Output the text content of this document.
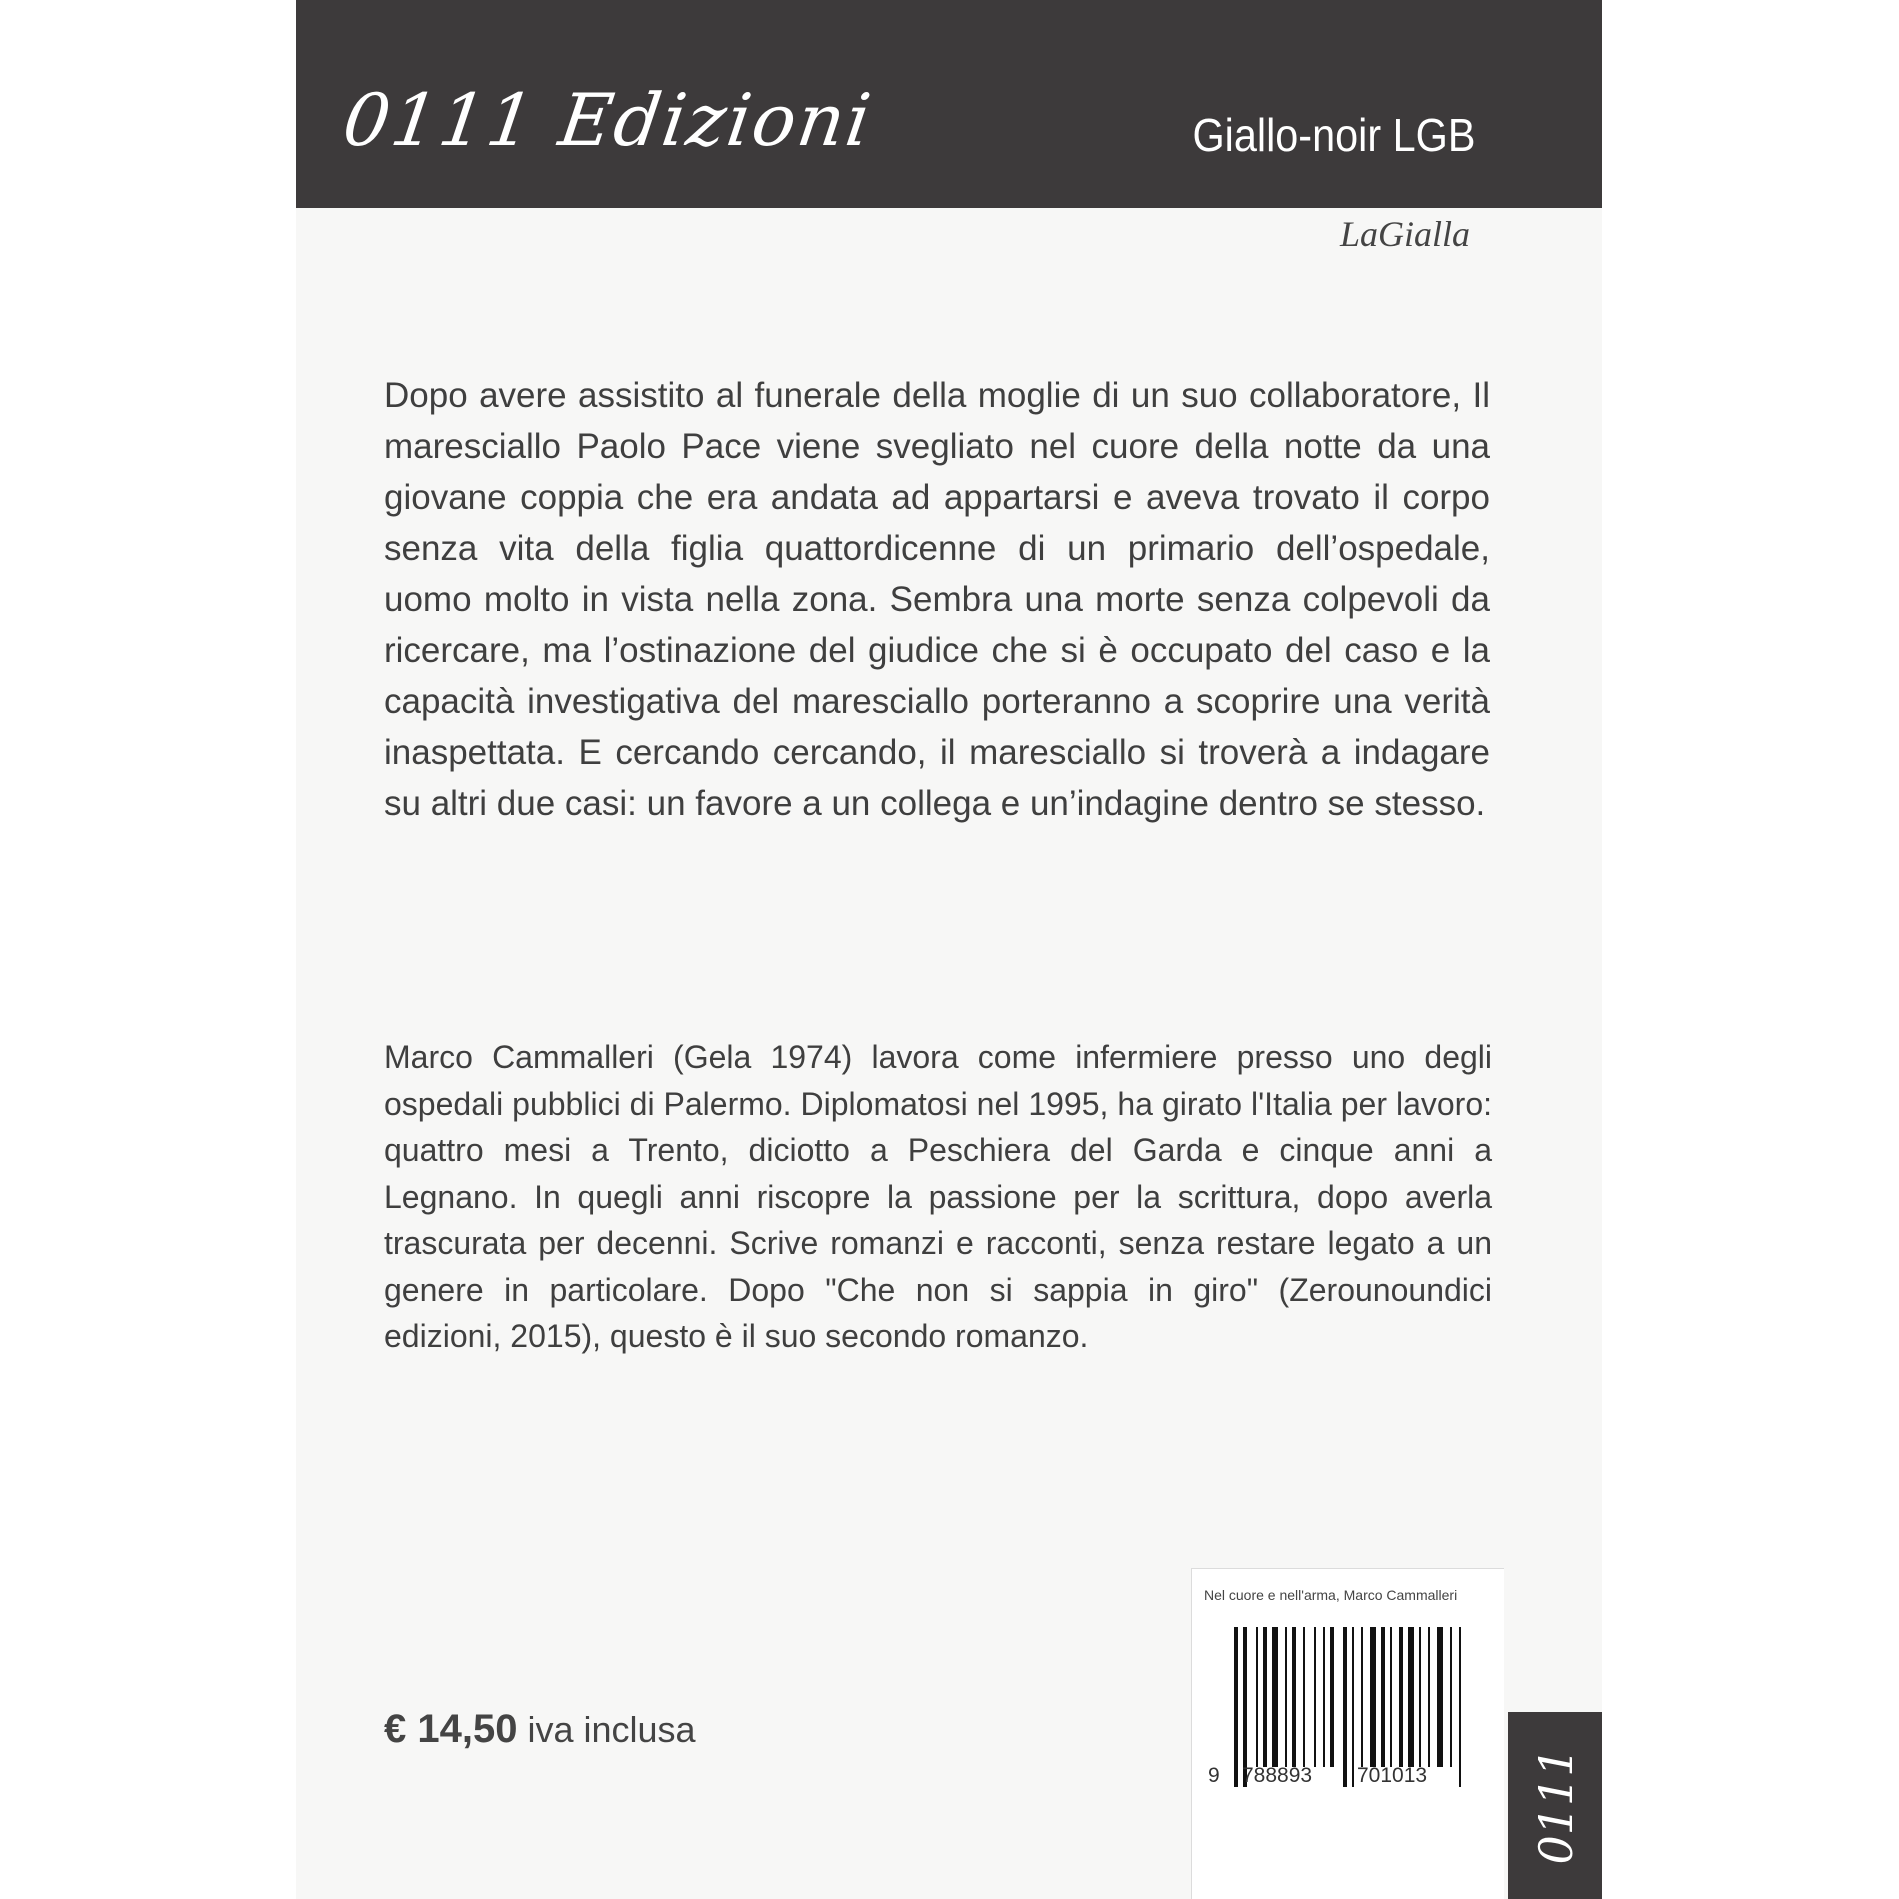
0111 Edizioni	Giallo-noir LGB
LaGialla
Dopo avere assistito al funerale della moglie di un suo collaboratore, Il maresciallo Paolo Pace viene svegliato nel cuore della notte da una giovane coppia che era andata ad appartarsi e aveva trovato il corpo senza vita della figlia quattordicenne di un primario dell’ospedale, uomo molto in vista nella zona. Sembra una morte senza colpevoli da ricercare, ma l’ostinazione del giudice che si è occupato del caso e la capacità investigativa del maresciallo porteranno a scoprire una verità inaspettata. E cercando cercando, il maresciallo si troverà a indagare su altri due casi: un favore a un collega e un’indagine dentro se stesso.
Marco Cammalleri (Gela 1974) lavora come infermiere presso uno degli ospedali pubblici di Palermo. Diplomatosi nel 1995, ha girato l'Italia per lavoro: quattro mesi a Trento, diciotto a Peschiera del Garda e cinque anni a Legnano. In quegli anni riscopre la passione per la scrittura, dopo averla trascurata per decenni. Scrive romanzi e racconti, senza restare legato a un genere in particolare. Dopo "Che non si sappia in giro" (Zerounoundici edizioni, 2015), questo è il suo secondo romanzo.
€ 14,50 iva inclusa
Nel cuore e nell'arma, Marco Cammalleri
9 788893 701013 0111
